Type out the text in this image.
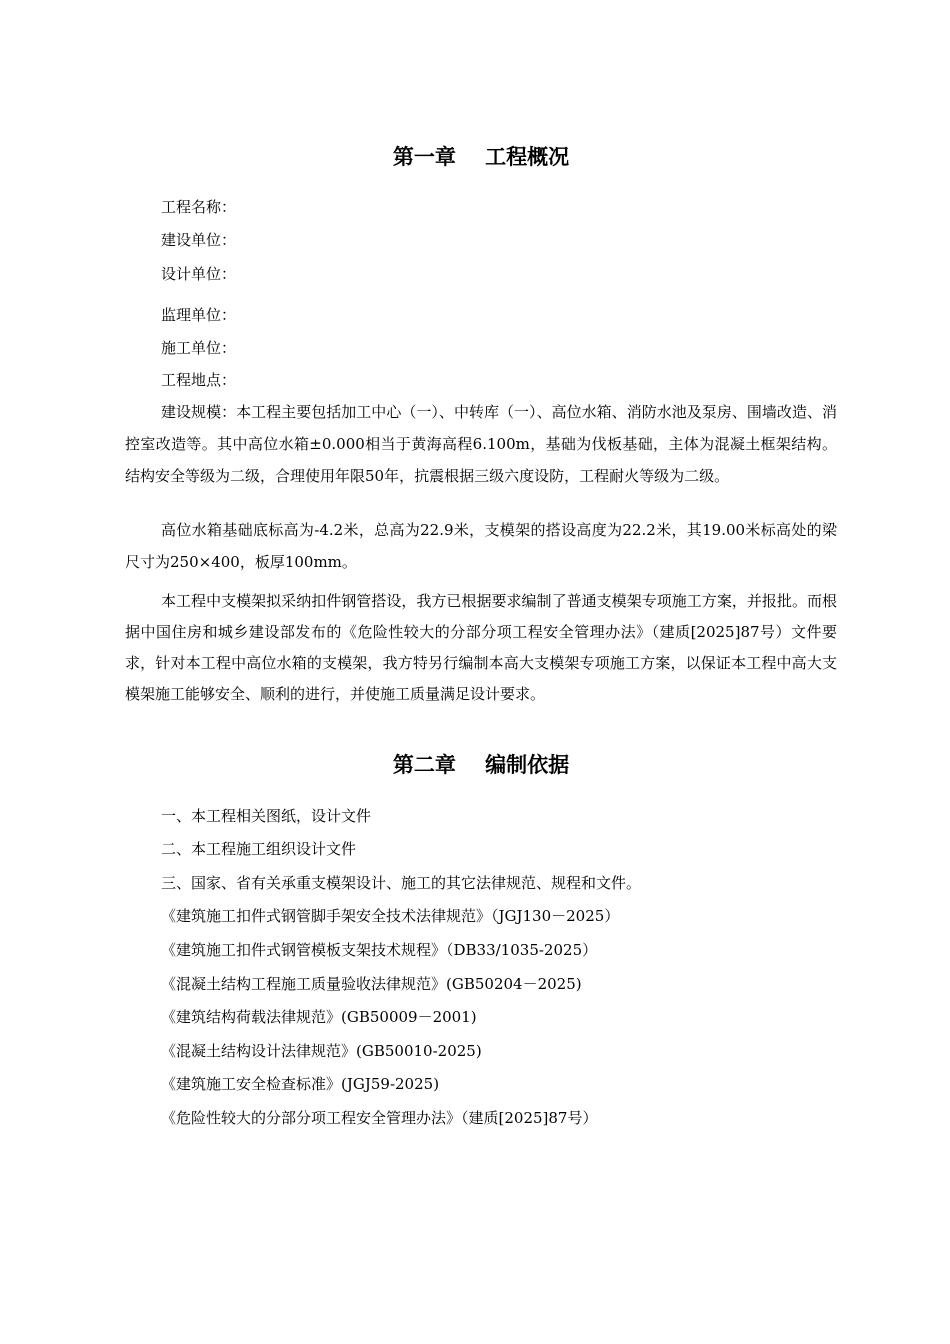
第一章    工程概况
工程名称：
建设单位：
设计单位：
监理单位：
施工单位：
工程地点：
建设规模：本工程主要包括加工中心（一）、中转库（一）、高位水箱、消防水池及泵房、围墙改造、消控室改造等。其中高位水箱±0.000相当于黄海高程6.100m，基础为伐板基础，主体为混凝土框架结构。结构安全等级为二级，合理使用年限50年，抗震根据三级六度设防，工程耐火等级为二级。
高位水箱基础底标高为-4.2米，总高为22.9米，支模架的搭设高度为22.2米，其19.00米标高处的梁尺寸为250×400，板厚100mm。
本工程中支模架拟采纳扣件钢管搭设，我方已根据要求编制了普通支模架专项施工方案，并报批。而根据中国住房和城乡建设部发布的《危险性较大的分部分项工程安全管理办法》（建质[2025]87号）文件要求，针对本工程中高位水箱的支模架，我方特另行编制本高大支模架专项施工方案，以保证本工程中高大支模架施工能够安全、顺利的进行，并使施工质量满足设计要求。
第二章    编制依据
一、本工程相关图纸，设计文件
二、本工程施工组织设计文件
三、国家、省有关承重支模架设计、施工的其它法律规范、规程和文件。
《建筑施工扣件式钢管脚手架安全技术法律规范》（JGJ130－2025）
《建筑施工扣件式钢管模板支架技术规程》（DB33/1035-2025）
《混凝土结构工程施工质量验收法律规范》(GB50204－2025)
《建筑结构荷载法律规范》(GB50009－2001)
《混凝土结构设计法律规范》(GB50010-2025)
《建筑施工安全检查标准》(JGJ59-2025)
《危险性较大的分部分项工程安全管理办法》（建质[2025]87号）
